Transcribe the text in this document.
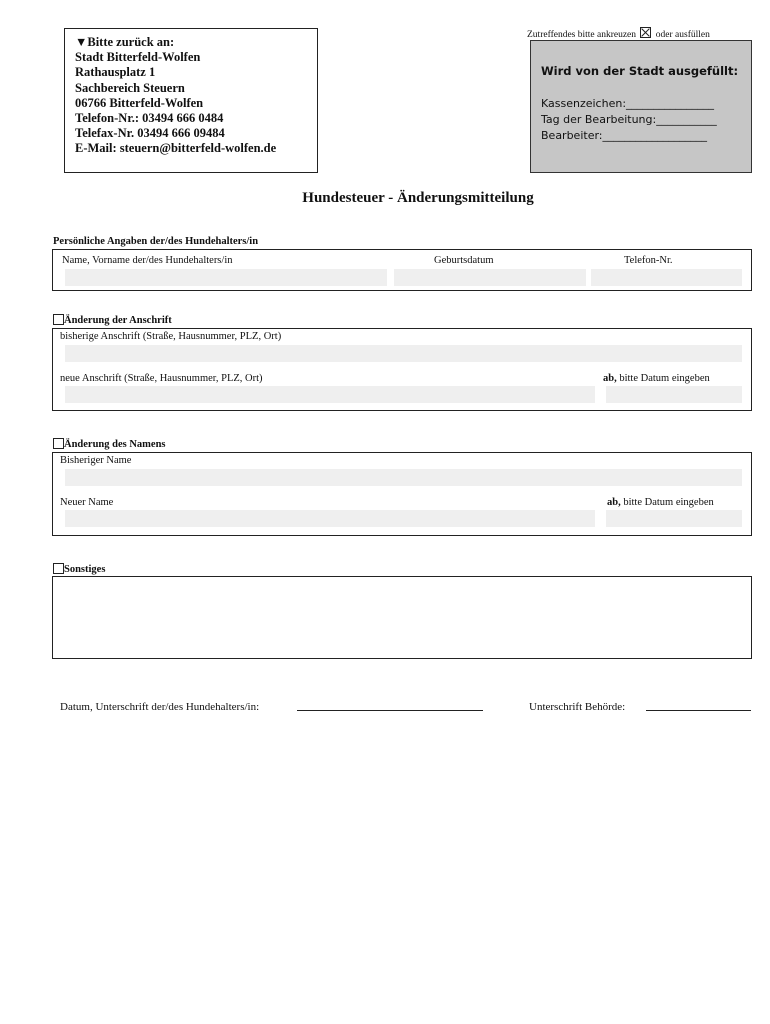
▼Bitte zurück an:
Stadt Bitterfeld-Wolfen
Rathausplatz 1
Sachbereich Steuern
06766 Bitterfeld-Wolfen
Telefon-Nr.: 03494 666 0484
Telefax-Nr. 03494 666 09484
E-Mail: steuern@bitterfeld-wolfen.de
Zutreffendes bitte ankreuzen oder ausfüllen
Wird von der Stadt ausgefüllt:
Kassenzeichen:________________
Tag der Bearbeitung:___________
Bearbeiter:___________________
Hundesteuer - Änderungsmitteilung
Persönliche Angaben der/des Hundehalters/in
Name, Vorname der/des Hundehalters/in	Geburtsdatum	Telefon-Nr.
Änderung der Anschrift
bisherige Anschrift (Straße, Hausnummer, PLZ, Ort)
neue Anschrift (Straße, Hausnummer, PLZ, Ort)	ab, bitte Datum eingeben
Änderung des Namens
Bisheriger Name
Neuer Name	ab, bitte Datum eingeben
Sonstiges
Datum, Unterschrift der/des Hundehalters/in:	Unterschrift Behörde:
